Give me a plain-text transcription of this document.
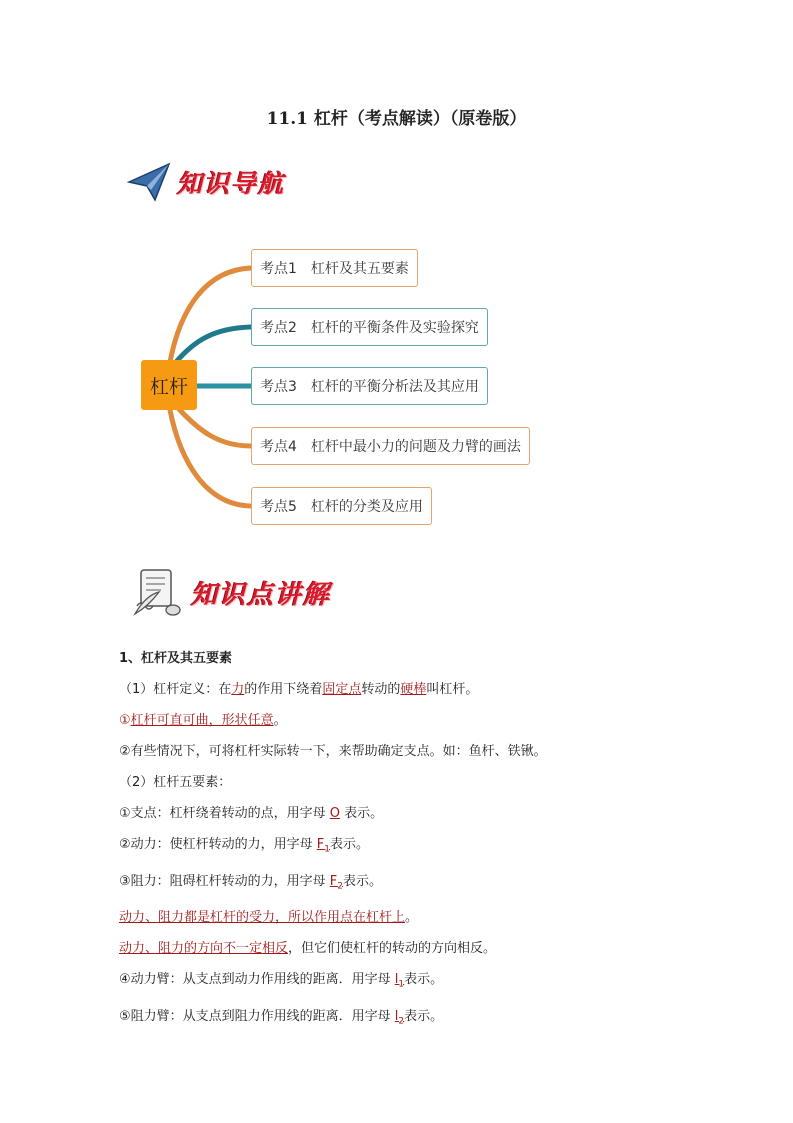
11.1 杠杆（考点解读）（原卷版）
知识导航
杠杆
考点1 杠杆及其五要素
考点2 杠杆的平衡条件及实验探究
考点3 杠杆的平衡分析法及其应用
考点4 杠杆中最小力的问题及力臂的画法
考点5 杠杆的分类及应用
知识点讲解
1、杠杆及其五要素
（1）杠杆定义：在力的作用下绕着固定点转动的硬棒叫杠杆。
①杠杆可直可曲，形状任意。
②有些情况下，可将杠杆实际转一下，来帮助确定支点。如：鱼杆、铁锹。
（2）杠杆五要素：
①支点：杠杆绕着转动的点，用字母 O 表示。
②动力：使杠杆转动的力，用字母 $F_1$表示。
③阻力：阻碍杠杆转动的力，用字母 $F_2$表示。
动力、阻力都是杠杆的受力，所以作用点在杠杆上。
动力、阻力的方向不一定相反，但它们使杠杆的转动的方向相反。
④动力臂：从支点到动力作用线的距离．用字母 $l_1$表示。
⑤阻力臂：从支点到阻力作用线的距离．用字母 $l_2$表示。
